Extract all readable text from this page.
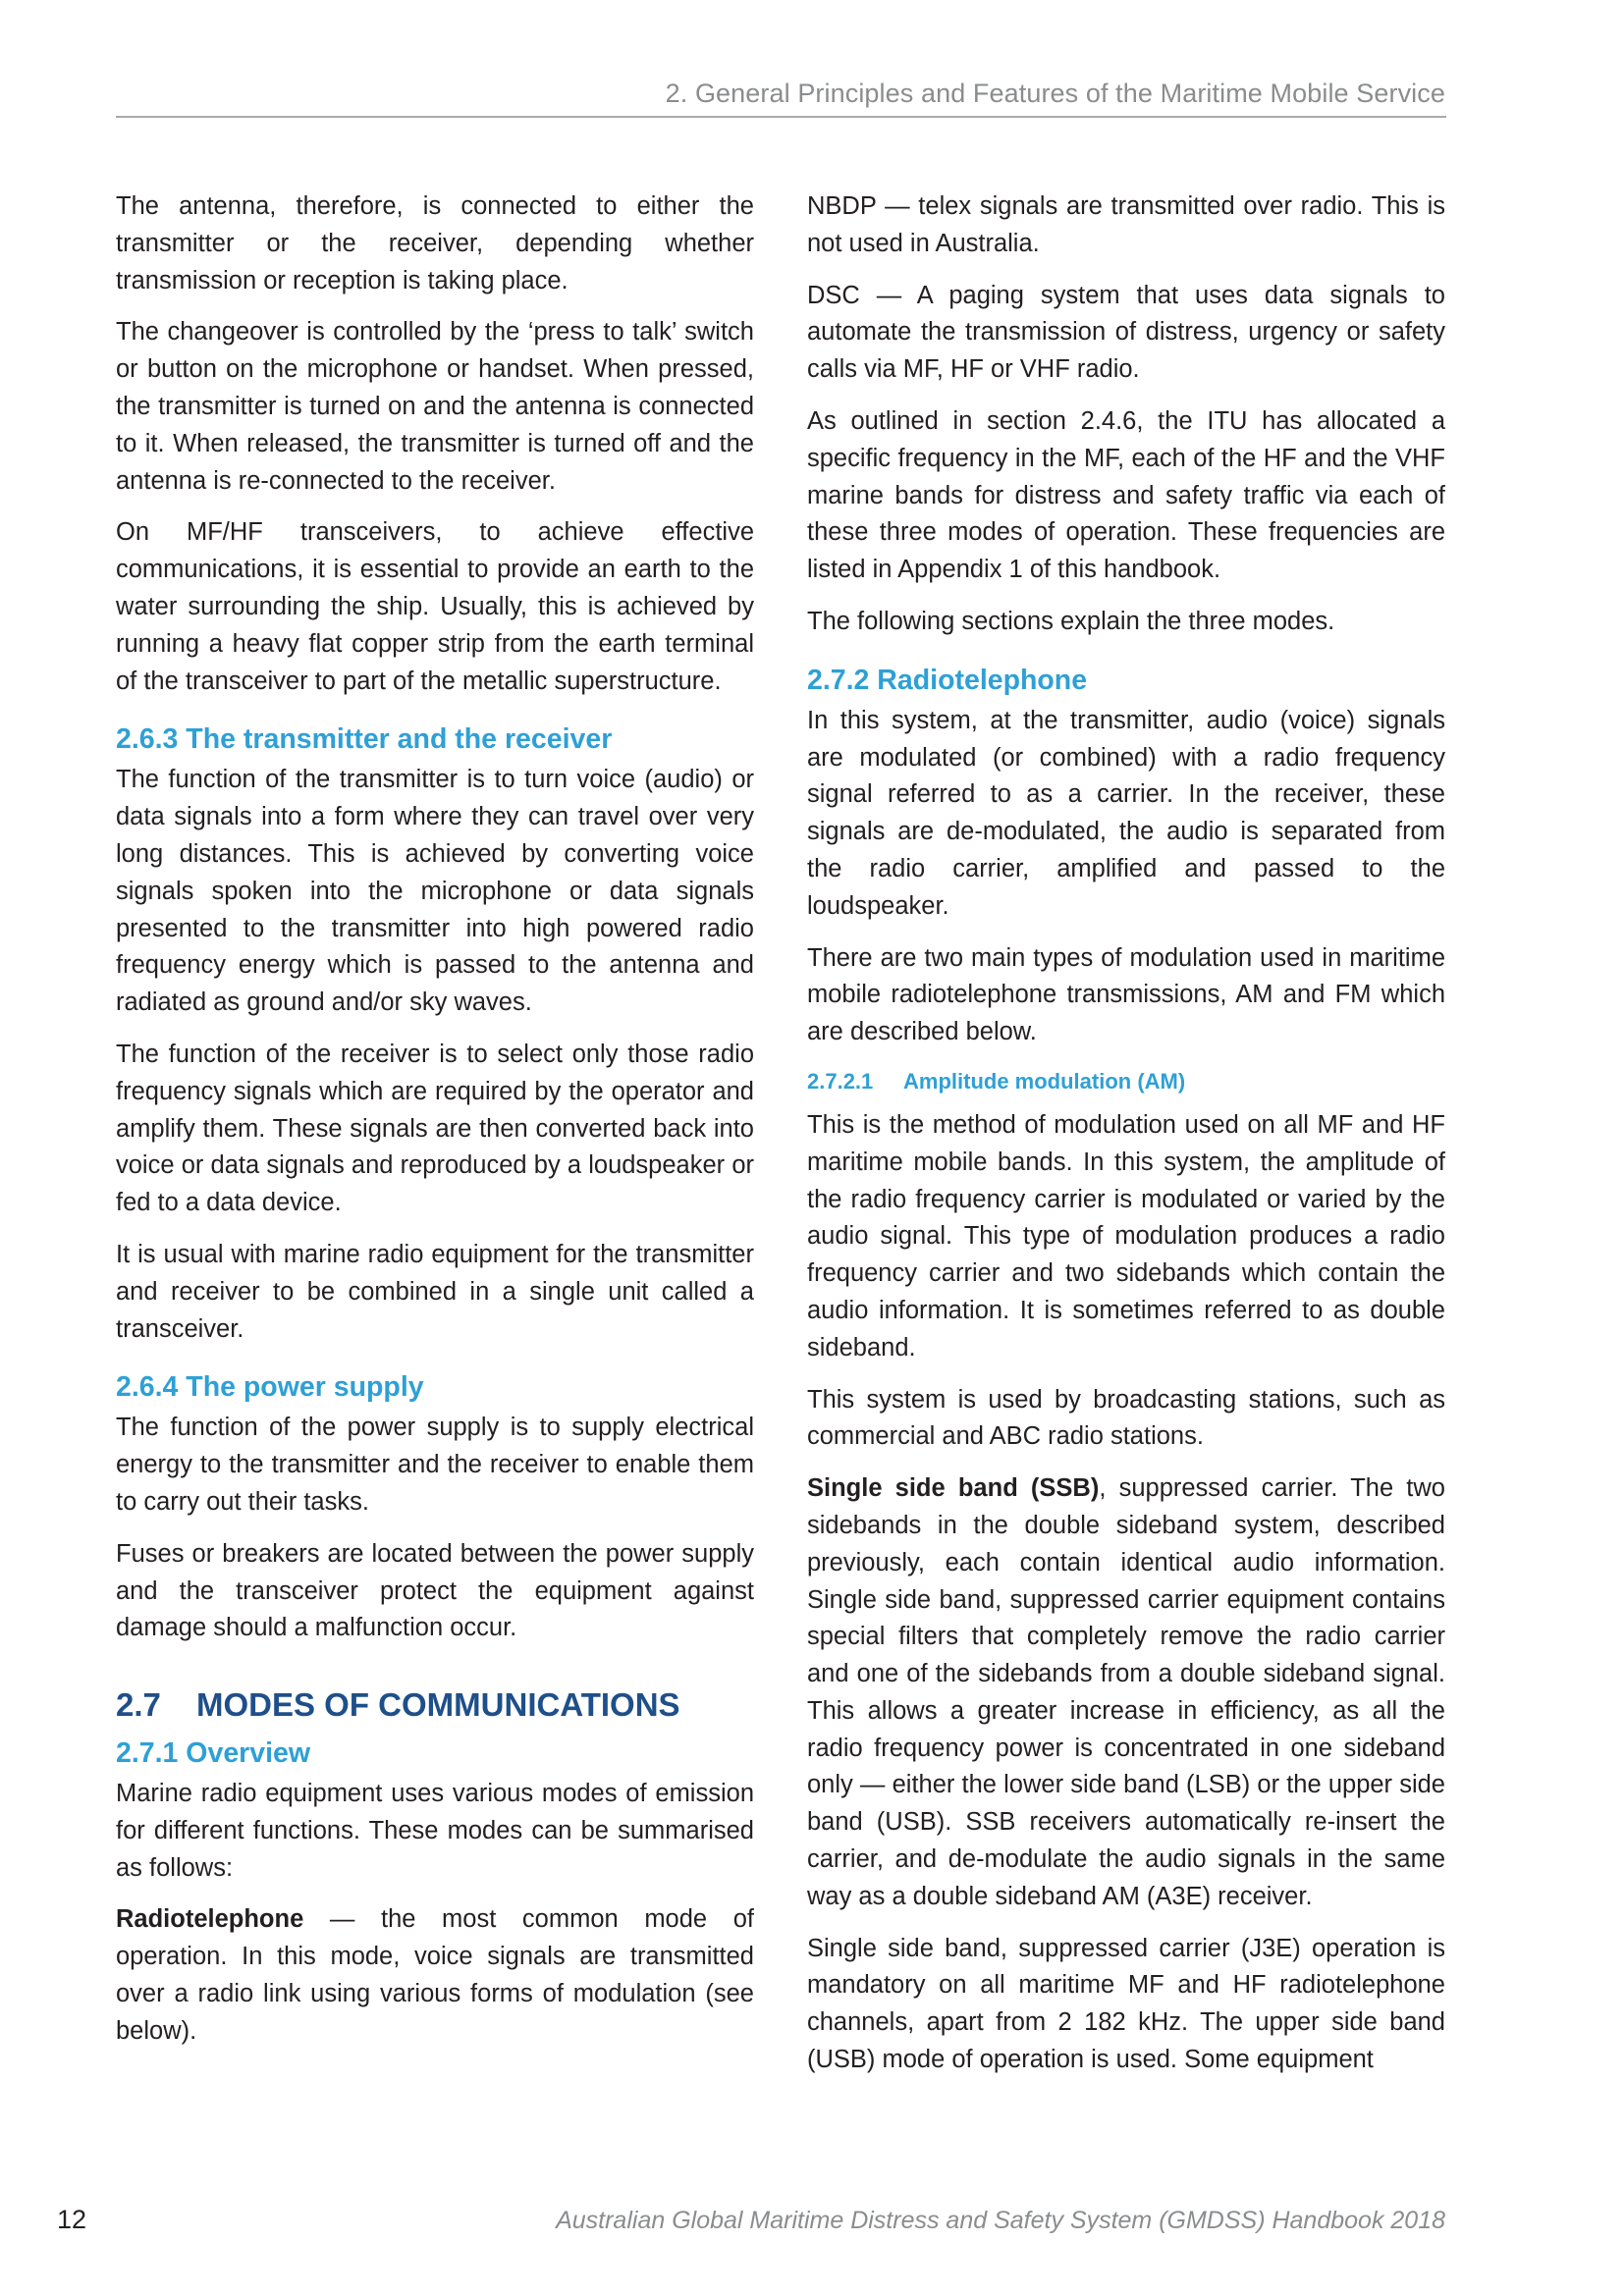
2. General Principles and Features of the Maritime Mobile Service

The antenna, therefore, is connected to either the transmitter or the receiver, depending whether transmission or reception is taking place.

The changeover is controlled by the ‘press to talk’ switch or button on the microphone or handset. When pressed, the transmitter is turned on and the antenna is connected to it. When released, the transmitter is turned off and the antenna is re-connected to the receiver.

On MF/HF transceivers, to achieve effective communications, it is essential to provide an earth to the water surrounding the ship. Usually, this is achieved by running a heavy flat copper strip from the earth terminal of the transceiver to part of the metallic superstructure.

2.6.3 The transmitter and the receiver

The function of the transmitter is to turn voice (audio) or data signals into a form where they can travel over very long distances. This is achieved by converting voice signals spoken into the microphone or data signals presented to the transmitter into high powered radio frequency energy which is passed to the antenna and radiated as ground and/or sky waves.

The function of the receiver is to select only those radio frequency signals which are required by the operator and amplify them. These signals are then converted back into voice or data signals and reproduced by a loudspeaker or fed to a data device.

It is usual with marine radio equipment for the transmitter and receiver to be combined in a single unit called a transceiver.

2.6.4 The power supply

The function of the power supply is to supply electrical energy to the transmitter and the receiver to enable them to carry out their tasks.

Fuses or breakers are located between the power supply and the transceiver protect the equipment against damage should a malfunction occur.

2.7 MODES OF COMMUNICATIONS
2.7.1 Overview

Marine radio equipment uses various modes of emission for different functions. These modes can be summarised as follows:

Radiotelephone — the most common mode of operation. In this mode, voice signals are transmitted over a radio link using various forms of modulation (see below).

NBDP — telex signals are transmitted over radio. This is not used in Australia.

DSC — A paging system that uses data signals to automate the transmission of distress, urgency or safety calls via MF, HF or VHF radio.

As outlined in section 2.4.6, the ITU has allocated a specific frequency in the MF, each of the HF and the VHF marine bands for distress and safety traffic via each of these three modes of operation. These frequencies are listed in Appendix 1 of this handbook.

The following sections explain the three modes.

2.7.2 Radiotelephone

In this system, at the transmitter, audio (voice) signals are modulated (or combined) with a radio frequency signal referred to as a carrier. In the receiver, these signals are de-modulated, the audio is separated from the radio carrier, amplified and passed to the loudspeaker.

There are two main types of modulation used in maritime mobile radiotelephone transmissions, AM and FM which are described below.

2.7.2.1 Amplitude modulation (AM)

This is the method of modulation used on all MF and HF maritime mobile bands. In this system, the amplitude of the radio frequency carrier is modulated or varied by the audio signal. This type of modulation produces a radio frequency carrier and two sidebands which contain the audio information. It is sometimes referred to as double sideband.

This system is used by broadcasting stations, such as commercial and ABC radio stations.

Single side band (SSB), suppressed carrier. The two sidebands in the double sideband system, described previously, each contain identical audio information. Single side band, suppressed carrier equipment contains special filters that completely remove the radio carrier and one of the sidebands from a double sideband signal. This allows a greater increase in efficiency, as all the radio frequency power is concentrated in one sideband only — either the lower side band (LSB) or the upper side band (USB). SSB receivers automatically re-insert the carrier, and de-modulate the audio signals in the same way as a double sideband AM (A3E) receiver.

Single side band, suppressed carrier (J3E) operation is mandatory on all maritime MF and HF radiotelephone channels, apart from 2 182 kHz. The upper side band (USB) mode of operation is used. Some equipment

12	Australian Global Maritime Distress and Safety System (GMDSS) Handbook 2018
